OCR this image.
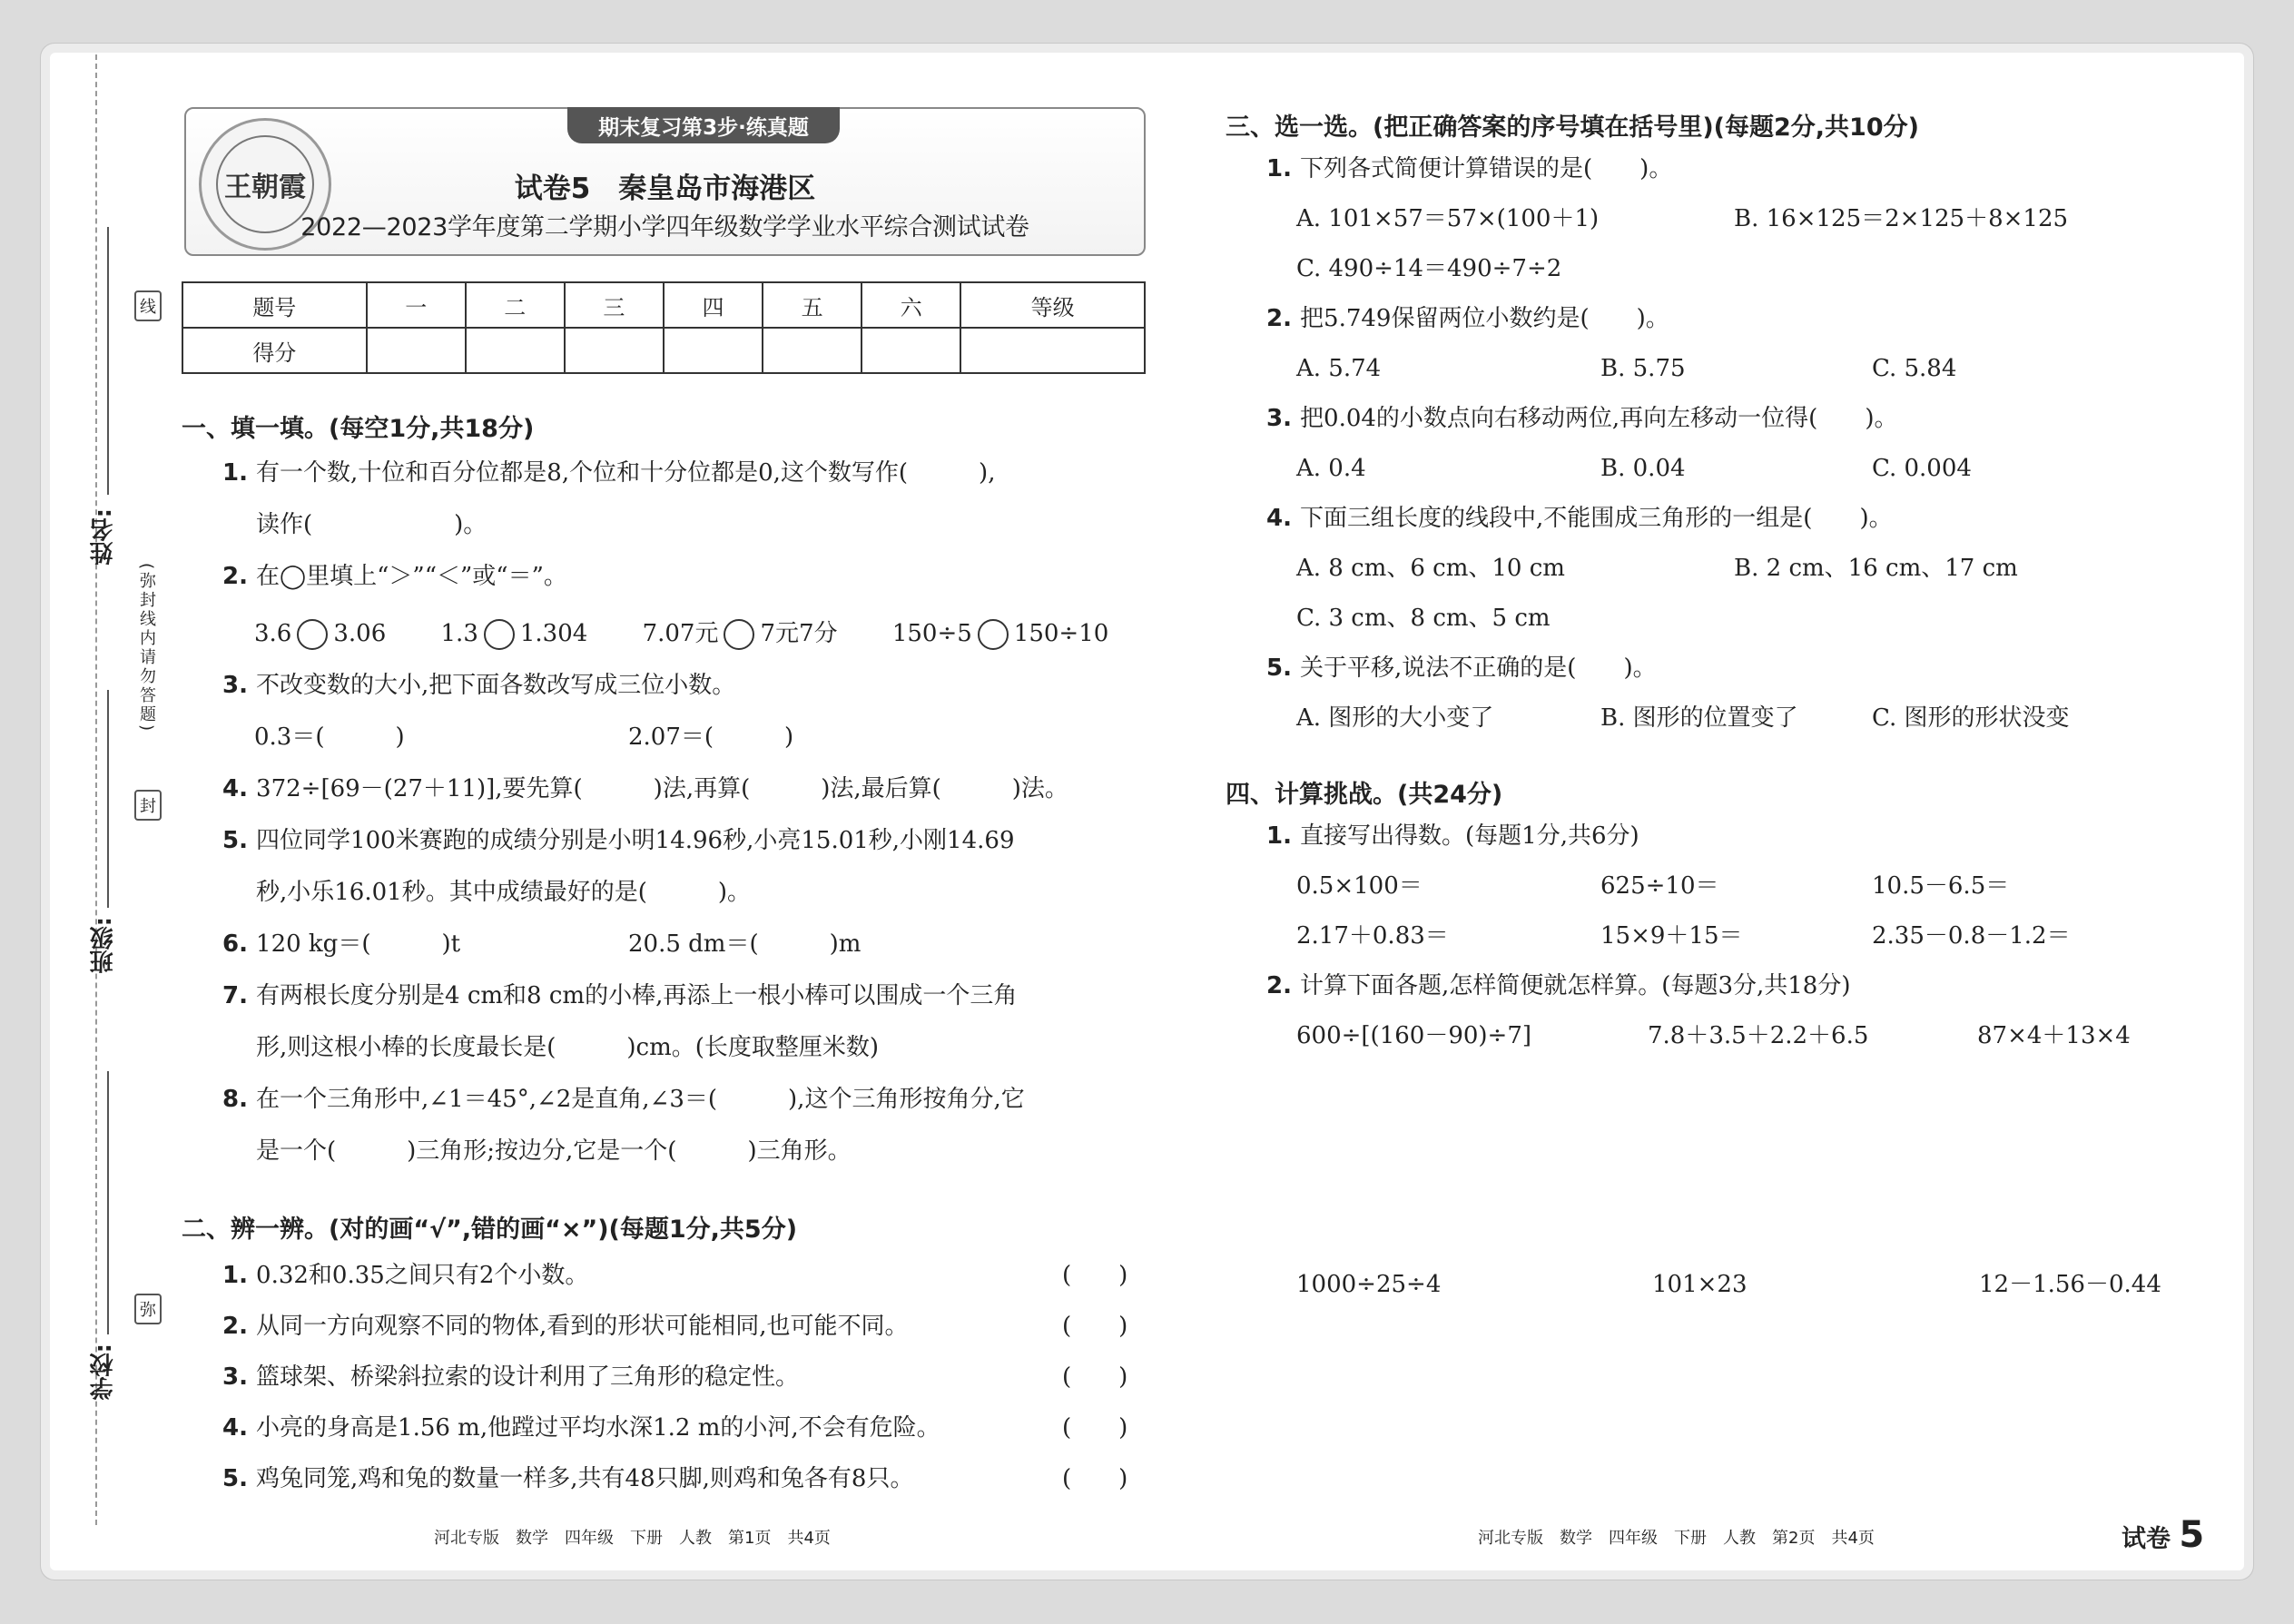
线
(弥封线内请勿答题)
封
弥
姓名:
班级:
学校:
王朝霞
期末复习第3步·练真题
试卷5　秦皇岛市海港区
2022—2023学年度第二学期小学四年级数学学业水平综合测试试卷
题号	一	二	三	四	五	六	等级
得分							
一、填一填。(每空1分,共18分)
1. 有一个数,十位和百分位都是8,个位和十分位都是0,这个数写作(　　　),
读作(　　　　　　)。
2. 在◯里填上“＞”“＜”或“＝”。
3.6 3.06 1.3 1.304 7.07元 7元7分 150÷5 150÷10
3. 不改变数的大小,把下面各数改写成三位小数。
0.3＝(　　　)	2.07＝(　　　)
4. 372÷[69－(27＋11)],要先算(　　　)法,再算(　　　)法,最后算(　　　)法。
5. 四位同学100米赛跑的成绩分别是小明14.96秒,小亮15.01秒,小刚14.69
秒,小乐16.01秒。其中成绩最好的是(　　　)。
6. 120 kg＝(　　　)t	20.5 dm＝(　　　)m
7. 有两根长度分别是4 cm和8 cm的小棒,再添上一根小棒可以围成一个三角
形,则这根小棒的长度最长是(　　　)cm。(长度取整厘米数)
8. 在一个三角形中,∠1＝45°,∠2是直角,∠3＝(　　　),这个三角形按角分,它
是一个(　　　)三角形;按边分,它是一个(　　　)三角形。
二、辨一辨。(对的画“√”,错的画“×”)(每题1分,共5分)
1. 0.32和0.35之间只有2个小数。	(　　)
2. 从同一方向观察不同的物体,看到的形状可能相同,也可能不同。	(　　)
3. 篮球架、桥梁斜拉索的设计利用了三角形的稳定性。	(　　)
4. 小亮的身高是1.56 m,他蹚过平均水深1.2 m的小河,不会有危险。	(　　)
5. 鸡兔同笼,鸡和兔的数量一样多,共有48只脚,则鸡和兔各有8只。	(　　)
三、选一选。(把正确答案的序号填在括号里)(每题2分,共10分)
1. 下列各式简便计算错误的是(　　)。
A. 101×57＝57×(100＋1)	B. 16×125＝2×125＋8×125
C. 490÷14＝490÷7÷2
2. 把5.749保留两位小数约是(　　)。
A. 5.74	B. 5.75	C. 5.84
3. 把0.04的小数点向右移动两位,再向左移动一位得(　　)。
A. 0.4	B. 0.04	C. 0.004
4. 下面三组长度的线段中,不能围成三角形的一组是(　　)。
A. 8 cm、6 cm、10 cm	B. 2 cm、16 cm、17 cm
C. 3 cm、8 cm、5 cm
5. 关于平移,说法不正确的是(　　)。
A. 图形的大小变了	B. 图形的位置变了	C. 图形的形状没变
四、计算挑战。(共24分)
1. 直接写出得数。(每题1分,共6分)
0.5×100＝	625÷10＝	10.5－6.5＝
2.17＋0.83＝	15×9＋15＝	2.35－0.8－1.2＝
2. 计算下面各题,怎样简便就怎样算。(每题3分,共18分)
600÷[(160－90)÷7]	7.8＋3.5＋2.2＋6.5	87×4＋13×4
1000÷25÷4	101×23	12－1.56－0.44
河北专版　数学　四年级　下册　人教　第1页　共4页	河北专版　数学　四年级　下册　人教　第2页　共4页	试卷 5
